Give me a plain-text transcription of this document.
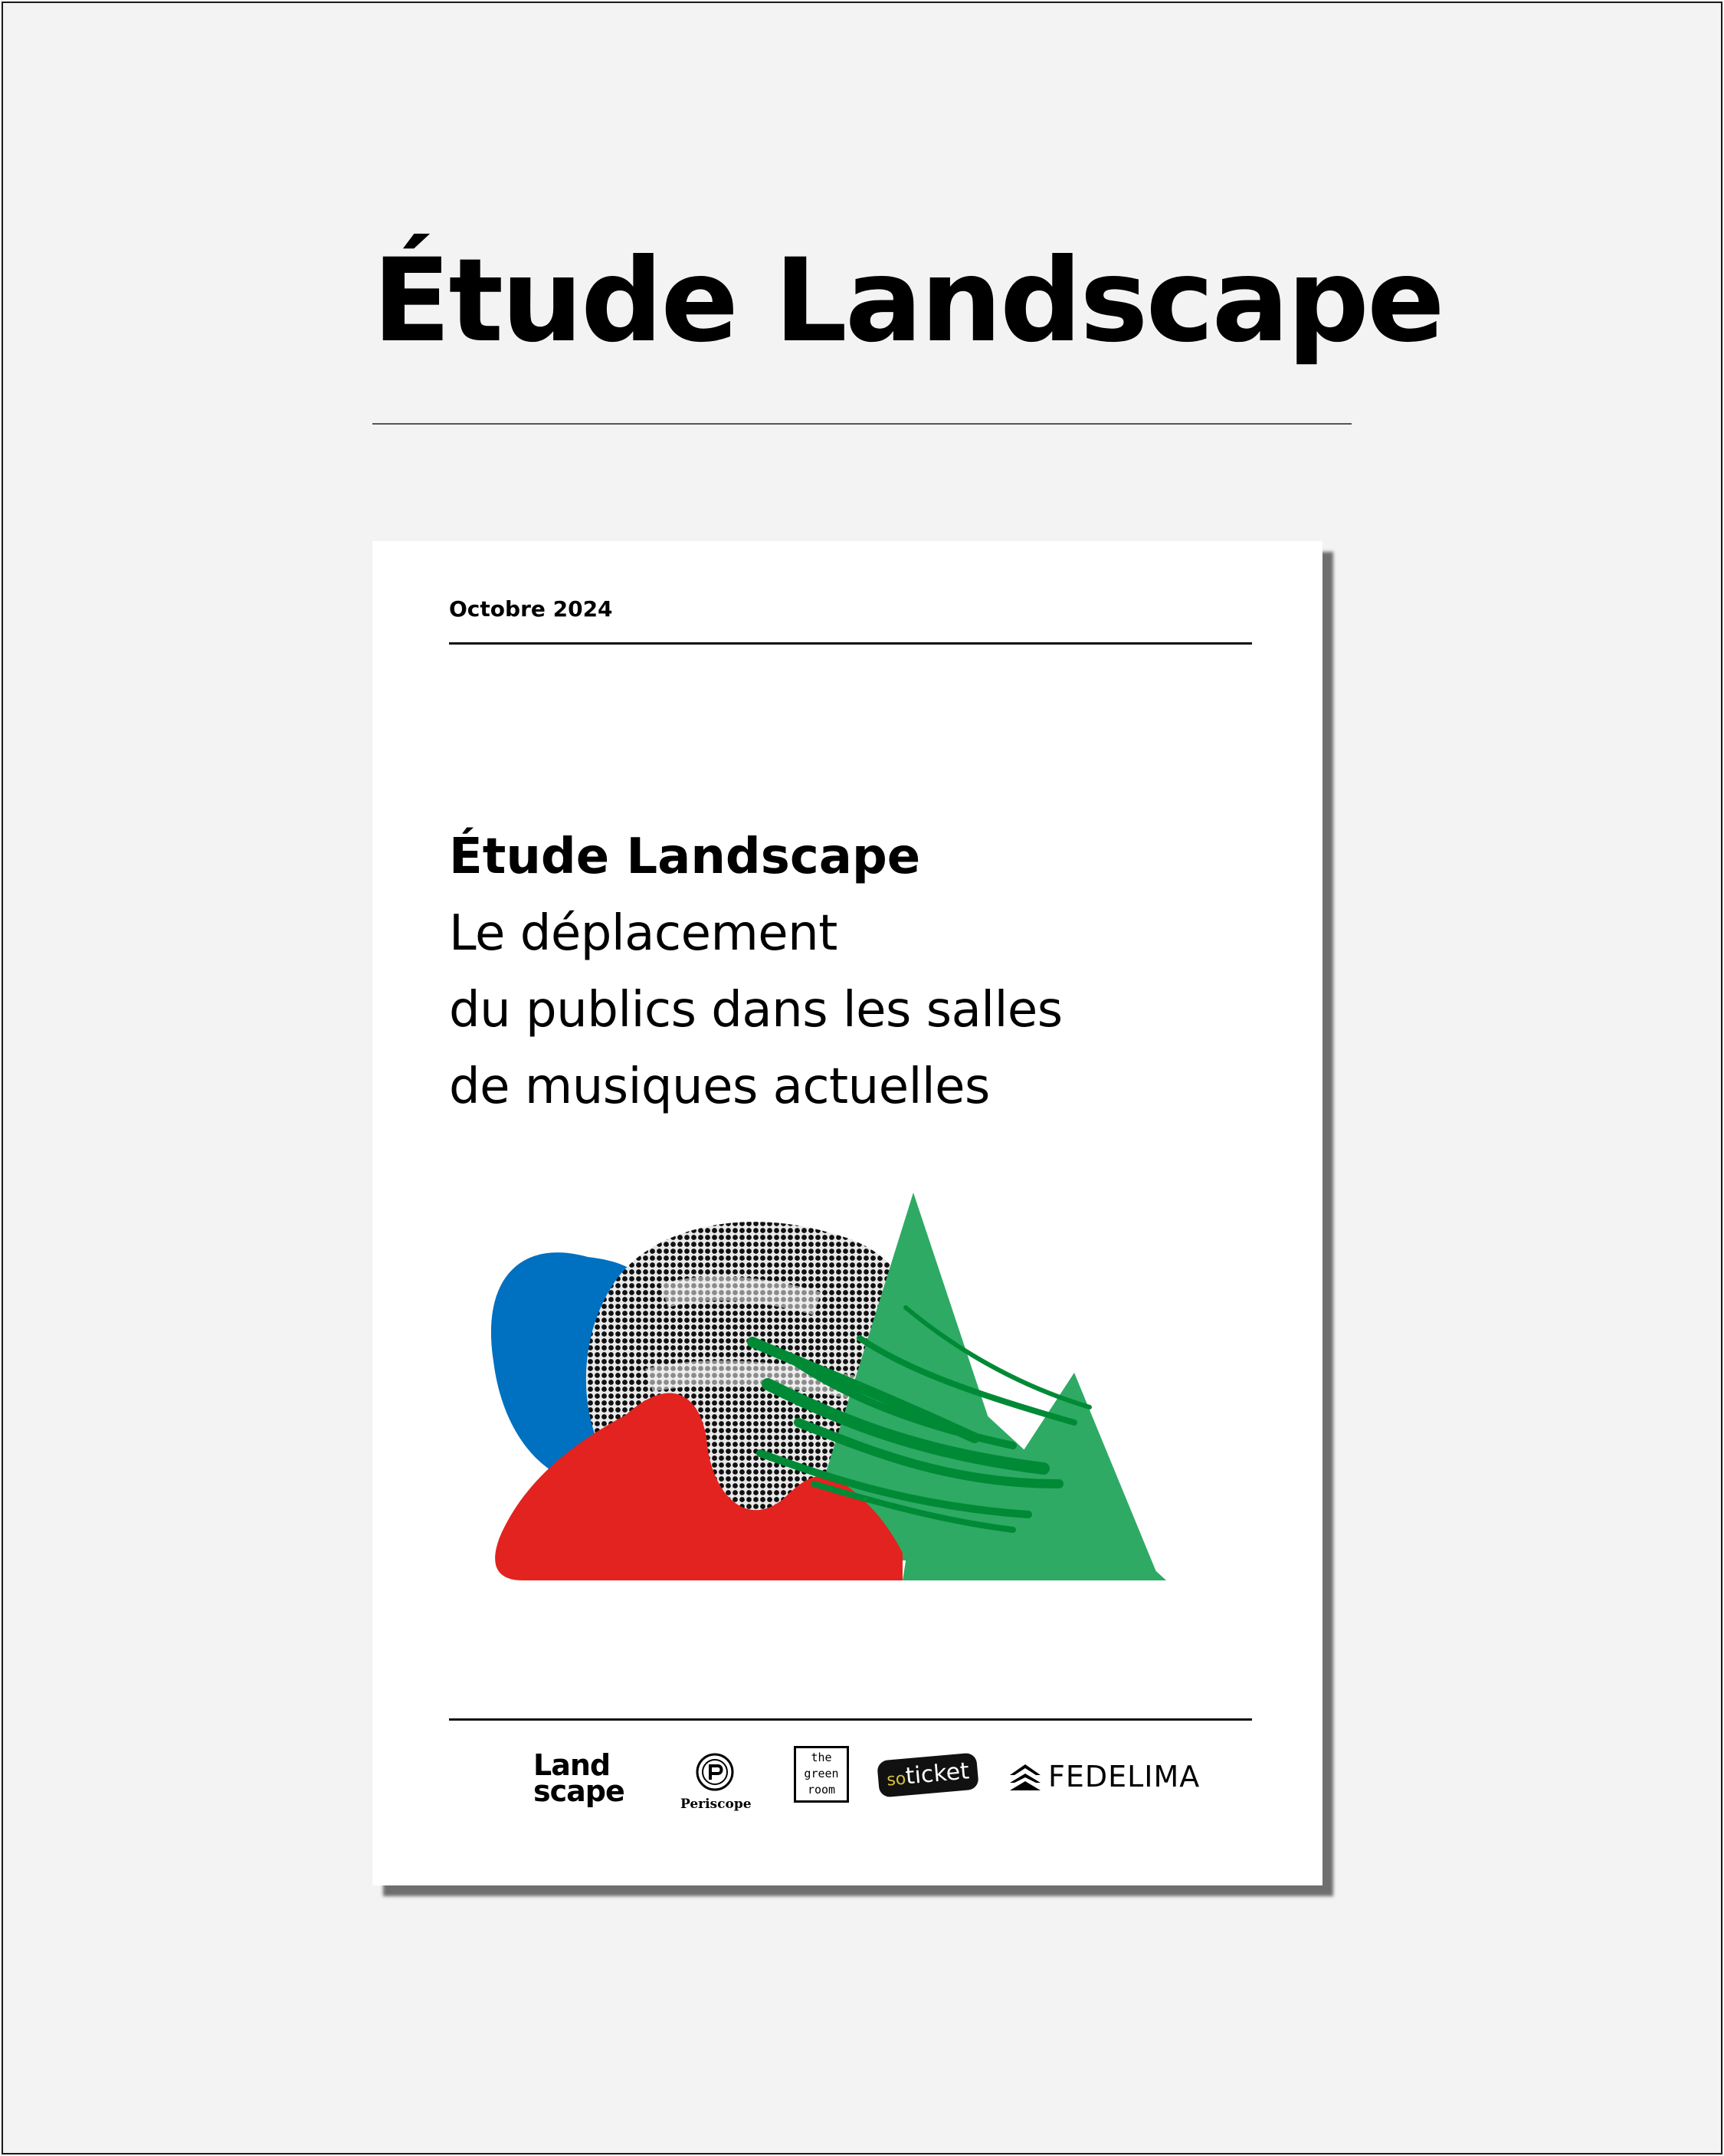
Étude Landscape
Octobre 2024
Étude Landscape
Le déplacement
du publics dans les salles
de musiques actuelles
Land
scape	Periscope
the
green
room	soticket	FEDELIMA
